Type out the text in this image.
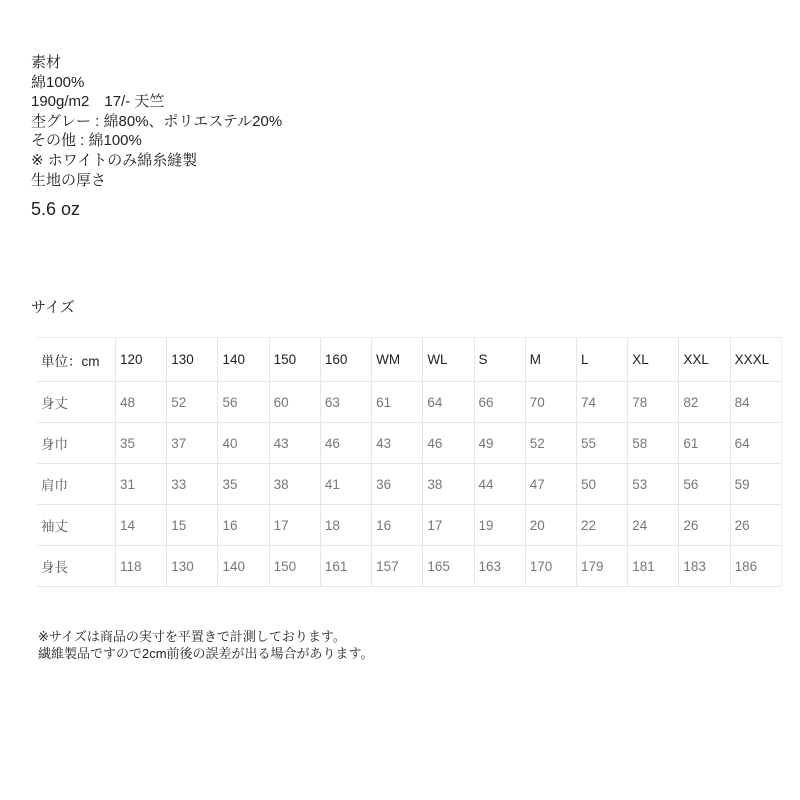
素材
綿100%
190g/m2　17/- 天竺
杢グレー : 綿80%、ポリエステル20%
その他 : 綿100%
※ ホワイトのみ綿糸縫製
生地の厚さ
5.6 oz
サイズ
単位：cm	120	130	140	150	160	WM	WL	S	M	L	XL	XXL	XXXL
身丈	48	52	56	60	63	61	64	66	70	74	78	82	84
身巾	35	37	40	43	46	43	46	49	52	55	58	61	64
肩巾	31	33	35	38	41	36	38	44	47	50	53	56	59
袖丈	14	15	16	17	18	16	17	19	20	22	24	26	26
身長	118	130	140	150	161	157	165	163	170	179	181	183	186
※サイズは商品の実寸を平置きで計測しております。
繊維製品ですので2cm前後の誤差が出る場合があります。
